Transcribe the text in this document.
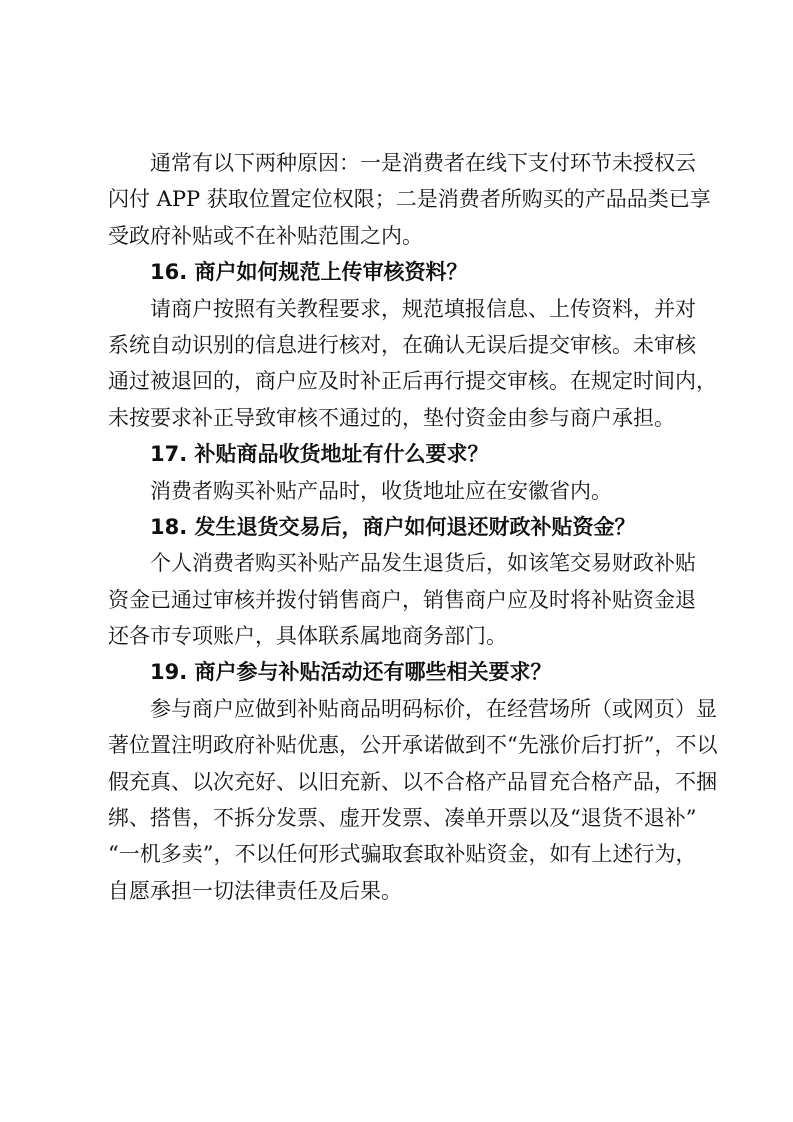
通常有以下两种原因：一是消费者在线下支付环节未授权云
闪付 APP 获取位置定位权限；二是消费者所购买的产品品类已享
受政府补贴或不在补贴范围之内。
16. 商户如何规范上传审核资料？
请商户按照有关教程要求，规范填报信息、上传资料，并对
系统自动识别的信息进行核对，在确认无误后提交审核。未审核
通过被退回的，商户应及时补正后再行提交审核。在规定时间内，
未按要求补正导致审核不通过的，垫付资金由参与商户承担。
17. 补贴商品收货地址有什么要求？
消费者购买补贴产品时，收货地址应在安徽省内。
18. 发生退货交易后，商户如何退还财政补贴资金？
个人消费者购买补贴产品发生退货后，如该笔交易财政补贴
资金已通过审核并拨付销售商户，销售商户应及时将补贴资金退
还各市专项账户，具体联系属地商务部门。
19. 商户参与补贴活动还有哪些相关要求？
参与商户应做到补贴商品明码标价，在经营场所（或网页）显
著位置注明政府补贴优惠，公开承诺做到不“先涨价后打折”，不以
假充真、以次充好、以旧充新、以不合格产品冒充合格产品，不捆
绑、搭售，不拆分发票、虚开发票、凑单开票以及“退货不退补”
“一机多卖”，不以任何形式骗取套取补贴资金，如有上述行为，
自愿承担一切法律责任及后果。
